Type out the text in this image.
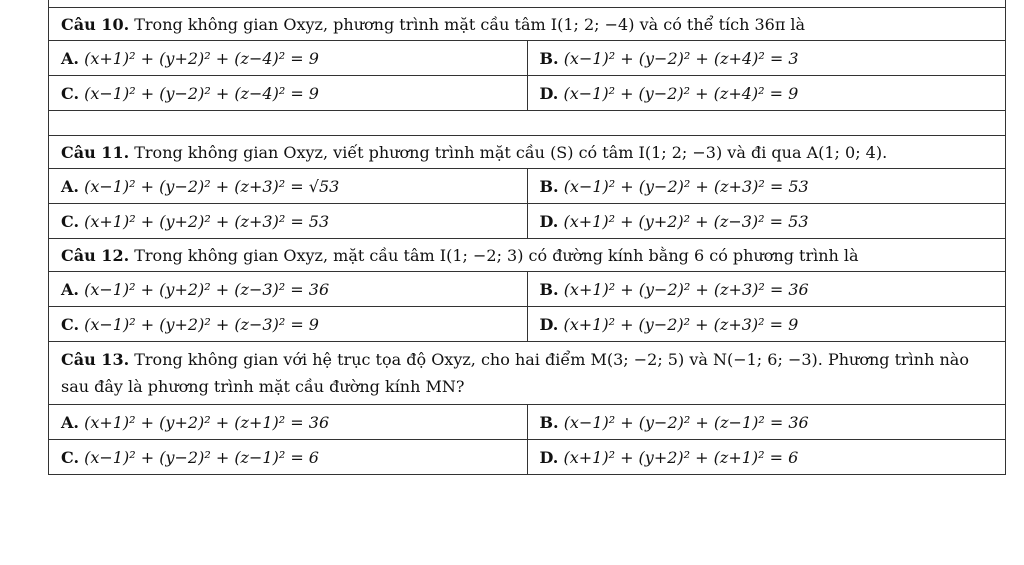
Câu 10. Trong không gian Oxyz, phương trình mặt cầu tâm I(1; 2; −4) và có thể tích 36π là	
A. (x+1)² + (y+2)² + (z−4)² = 9	B. (x−1)² + (y−2)² + (z+4)² = 3
C. (x−1)² + (y−2)² + (z−4)² = 9	D. (x−1)² + (y−2)² + (z+4)² = 9

Câu 11. Trong không gian Oxyz, viết phương trình mặt cầu (S) có tâm I(1; 2; −3) và đi qua A(1; 0; 4).	
A. (x−1)² + (y−2)² + (z+3)² = √53	B. (x−1)² + (y−2)² + (z+3)² = 53
C. (x+1)² + (y+2)² + (z+3)² = 53	D. (x+1)² + (y+2)² + (z−3)² = 53
Câu 12. Trong không gian Oxyz, mặt cầu tâm I(1; −2; 3) có đường kính bằng 6 có phương trình là	
A. (x−1)² + (y+2)² + (z−3)² = 36	B. (x+1)² + (y−2)² + (z+3)² = 36
C. (x−1)² + (y+2)² + (z−3)² = 9	D. (x+1)² + (y−2)² + (z+3)² = 9
Câu 13. Trong không gian với hệ trục tọa độ Oxyz, cho hai điểm M(3; −2; 5) và N(−1; 6; −3). Phương trình nào sau đây là phương trình mặt cầu đường kính MN?	
A. (x+1)² + (y+2)² + (z+1)² = 36	B. (x−1)² + (y−2)² + (z−1)² = 36
C. (x−1)² + (y−2)² + (z−1)² = 6	D. (x+1)² + (y+2)² + (z+1)² = 6
